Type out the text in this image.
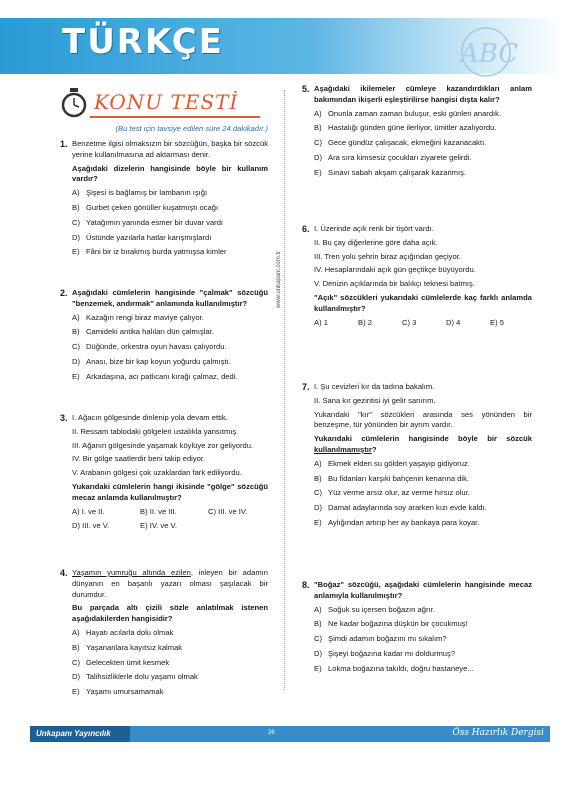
TÜRKÇE	ABC
KONU TESTİ
(Bu test için tavsiye edilen süre 24 dakikadır.)
www.unkapani.com.tr
1. Benzetme ilgisi olmaksızın bir sözcüğün, başka bir sözcük yerine kullanılmasına ad aktarması denir.

Aşağıdaki dizelerin hangisinde böyle bir kullanım vardır?

A) Şişesi is bağlamış bir lambanın ışığı
B) Gurbet çeken gönüller kuşatmıştı ocağı
C) Yatağımın yanında esmer bir duvar vardı
D) Üstünde yazılarla hatlar karışmışlardı
E) Fâni bir iz bırakmış burda yatmışsa kimler
2. Aşağıdaki cümlelerin hangisinde "çalmak" sözcüğü "benzemek, andırmak" anlamında kullanılmıştır?

A) Kazağın rengi biraz maviye çalıyor.
B) Camideki antika halıları dün çalmışlar.
C) Düğünde, orkestra oyun havası çalıyordu.
D) Anası, bize bir kap koyun yoğurdu çalmıştı.
E) Arkadaşına, acı patlıcanı kırağı çalmaz, dedi.
3. I. Ağacın gölgesinde dinlenip yola devam ettik.

II. Ressam tablodaki gölgeleri ustalıkla yansıtmış.

III. Ağanın gölgesinde yaşamak köylüye zor geliyordu.

IV. Bir gölge saatlerdir beni takip ediyor.

V. Arabanın gölgesi çok uzaklardan fark ediliyordu.

Yukarıdaki cümlelerin hangi ikisinde "gölge" sözcüğü mecaz anlamda kullanılmıştır?

A) I. ve II.	B) II. ve III.	C) III. ve IV.
D) III. ve V.	E) IV. ve V.
4. Yaşamın yumruğu altında ezilen, inleyen bir adamın dünyanın en başarılı yazarı olması şaşılacak bir durumdur.

Bu parçada altı çizili sözle anlatılmak istenen aşağıdakilerden hangisidir?

A) Hayatı acılarla dolu olmak
B) Yaşananlara kayıtsız kalmak
C) Gelecekten ümit kesmek
D) Talihsizliklerle dolu yaşamı olmak
E) Yaşamı umursamamak
5. Aşağıdaki ikilemeler cümleye kazandırdıkları anlam bakımından ikişerli eşleştirilirse hangisi dışta kalır?

A) Onunla zaman zaman buluşur, eski günleri anardık.
B) Hastalığı günden güne ilerliyor, ümitler azalıyordu.
C) Gece gündüz çalışacak, ekmeğini kazanacaktı.
D) Ara sıra kimsesiz çocukları ziyarete gelirdi.
E) Sınavı sabah akşam çalışarak kazanmış.
6. I. Üzerinde açık renk bir tişört vardı.

II. Bu çay diğerlerine göre daha açık.

III. Tren yolu şehrin biraz açığından geçiyor.

IV. Hesaplarındaki açık gün geçtikçe büyüyordu.

V. Denizin açıklarında bir balıkçı teknesi batmış.

"Açık" sözcükleri yukarıdaki cümlelerde kaç farklı anlamda kullanılmıştır?

A) 1	B) 2	C) 3	D) 4	E) 5
7. I. Şu cevizleri kır da tadına bakalım.

II. Sana kır gezintisi iyi gelir sanırım.

Yukarıdaki "kır" sözcükleri arasında ses yönünden bir benzeşme, tür yönünden bir ayrım vardır.

Yukarıdaki cümlelerin hangisinde böyle bir sözcük kullanılmamıştır?

A) Ekmek elden su gölden yaşayıp gidiyoruz.
B) Bu fidanları karşıki bahçenin kenarına dik.
C) Yüz verme arsız olur, az verme hırsız olur.
D) Damat adaylarında soy ararken kızı evde kaldı.
E) Aylığından artırıp her ay bankaya para koyar.
8. "Boğaz" sözcüğü, aşağıdaki cümlelerin hangisinde mecaz anlamıyla kullanılmıştır?

A) Soğuk su içersen boğazın ağrır.
B) Ne kadar boğazına düşkün bir çocukmuş!
C) Şimdi adamın boğazını mı sıkalım?
D) Şişeyi boğazına kadar mı doldurmuş?
E) Lokma boğazına takıldı, doğru hastaneye...
Unkapanı Yayıncılık	26	Öss Hazırlık Dergisi
